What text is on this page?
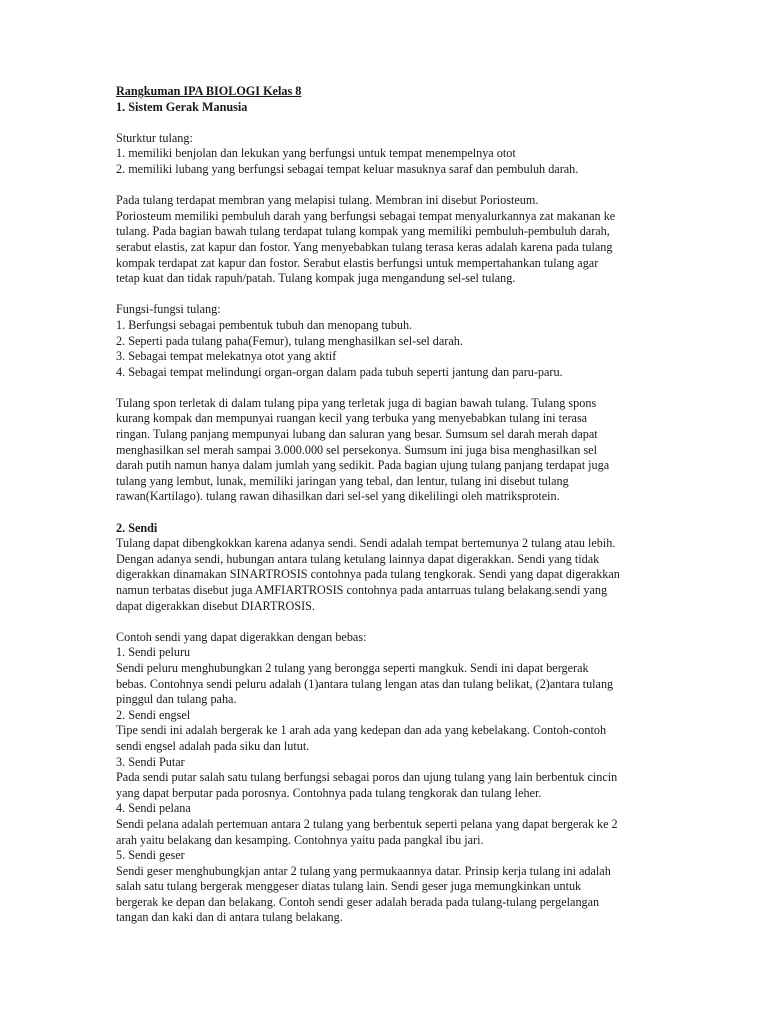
Rangkuman IPA BIOLOGI Kelas 8

1. Sistem Gerak Manusia

Sturktur tulang:

1. memiliki benjolan dan lekukan yang berfungsi untuk tempat menempelnya otot

2. memiliki lubang yang berfungsi sebagai tempat keluar masuknya saraf dan pembuluh darah.

Pada tulang terdapat membran yang melapisi tulang. Membran ini disebut Poriosteum.

Poriosteum memiliki pembuluh darah yang berfungsi sebagai tempat menyalurkannya zat makanan ke

tulang. Pada bagian bawah tulang terdapat tulang kompak yang memiliki pembuluh-pembuluh darah,

serabut elastis, zat kapur dan fostor. Yang menyebabkan tulang terasa keras adalah karena pada tulang

kompak terdapat zat kapur dan fostor. Serabut elastis berfungsi untuk mempertahankan tulang agar

tetap kuat dan tidak rapuh/patah. Tulang kompak juga mengandung sel-sel tulang.

Fungsi-fungsi tulang:

1. Berfungsi sebagai pembentuk tubuh dan menopang tubuh.

2. Seperti pada tulang paha(Femur), tulang menghasilkan sel-sel darah.

3. Sebagai tempat melekatnya otot yang aktif

4. Sebagai tempat melindungi organ-organ dalam pada tubuh seperti jantung dan paru-paru.

Tulang spon terletak di dalam tulang pipa yang terletak juga di bagian bawah tulang. Tulang spons

kurang kompak dan mempunyai ruangan kecil yang terbuka yang menyebabkan tulang ini terasa

ringan. Tulang panjang mempunyai lubang dan saluran yang besar. Sumsum sel darah merah dapat

menghasilkan sel merah sampai 3.000.000 sel persekonya. Sumsum ini juga bisa menghasilkan sel

darah putih namun hanya dalam jumlah yang sedikit. Pada bagian ujung tulang panjang terdapat juga

tulang yang lembut, lunak, memiliki jaringan yang tebal, dan lentur, tulang ini disebut tulang

rawan(Kartilago). tulang rawan dihasilkan dari sel-sel yang dikelilingi oleh matriksprotein.

2. Sendi

Tulang dapat dibengkokkan karena adanya sendi. Sendi adalah tempat bertemunya 2 tulang atau lebih.

Dengan adanya sendi, hubungan antara tulang ketulang lainnya dapat digerakkan. Sendi yang tidak

digerakkan dinamakan SINARTROSIS contohnya pada tulang tengkorak. Sendi yang dapat digerakkan

namun terbatas disebut juga AMFIARTROSIS contohnya pada antarruas tulang belakang.sendi yang

dapat digerakkan disebut DIARTROSIS.

Contoh sendi yang dapat digerakkan dengan bebas:

1. Sendi peluru

Sendi peluru menghubungkan 2 tulang yang berongga seperti mangkuk. Sendi ini dapat bergerak

bebas. Contohnya sendi peluru adalah (1)antara tulang lengan atas dan tulang belikat, (2)antara tulang

pinggul dan tulang paha.

2. Sendi engsel

Tipe sendi ini adalah bergerak ke 1 arah ada yang kedepan dan ada yang kebelakang. Contoh-contoh

sendi engsel adalah pada siku dan lutut.

3. Sendi Putar

Pada sendi putar salah satu tulang berfungsi sebagai poros dan ujung tulang yang lain berbentuk cincin

yang dapat berputar pada porosnya. Contohnya pada tulang tengkorak dan tulang leher.

4. Sendi pelana

Sendi pelana adalah pertemuan antara 2 tulang yang berbentuk seperti pelana yang dapat bergerak ke 2

arah yaitu belakang dan kesamping. Contohnya yaitu pada pangkal ibu jari.

5. Sendi geser

Sendi geser menghubungkjan antar 2 tulang yang permukaannya datar. Prinsip kerja tulang ini adalah

salah satu tulang bergerak menggeser diatas tulang lain. Sendi geser juga memungkinkan untuk

bergerak ke depan dan belakang. Contoh sendi geser adalah berada pada tulang-tulang pergelangan

tangan dan kaki dan di antara tulang belakang.
